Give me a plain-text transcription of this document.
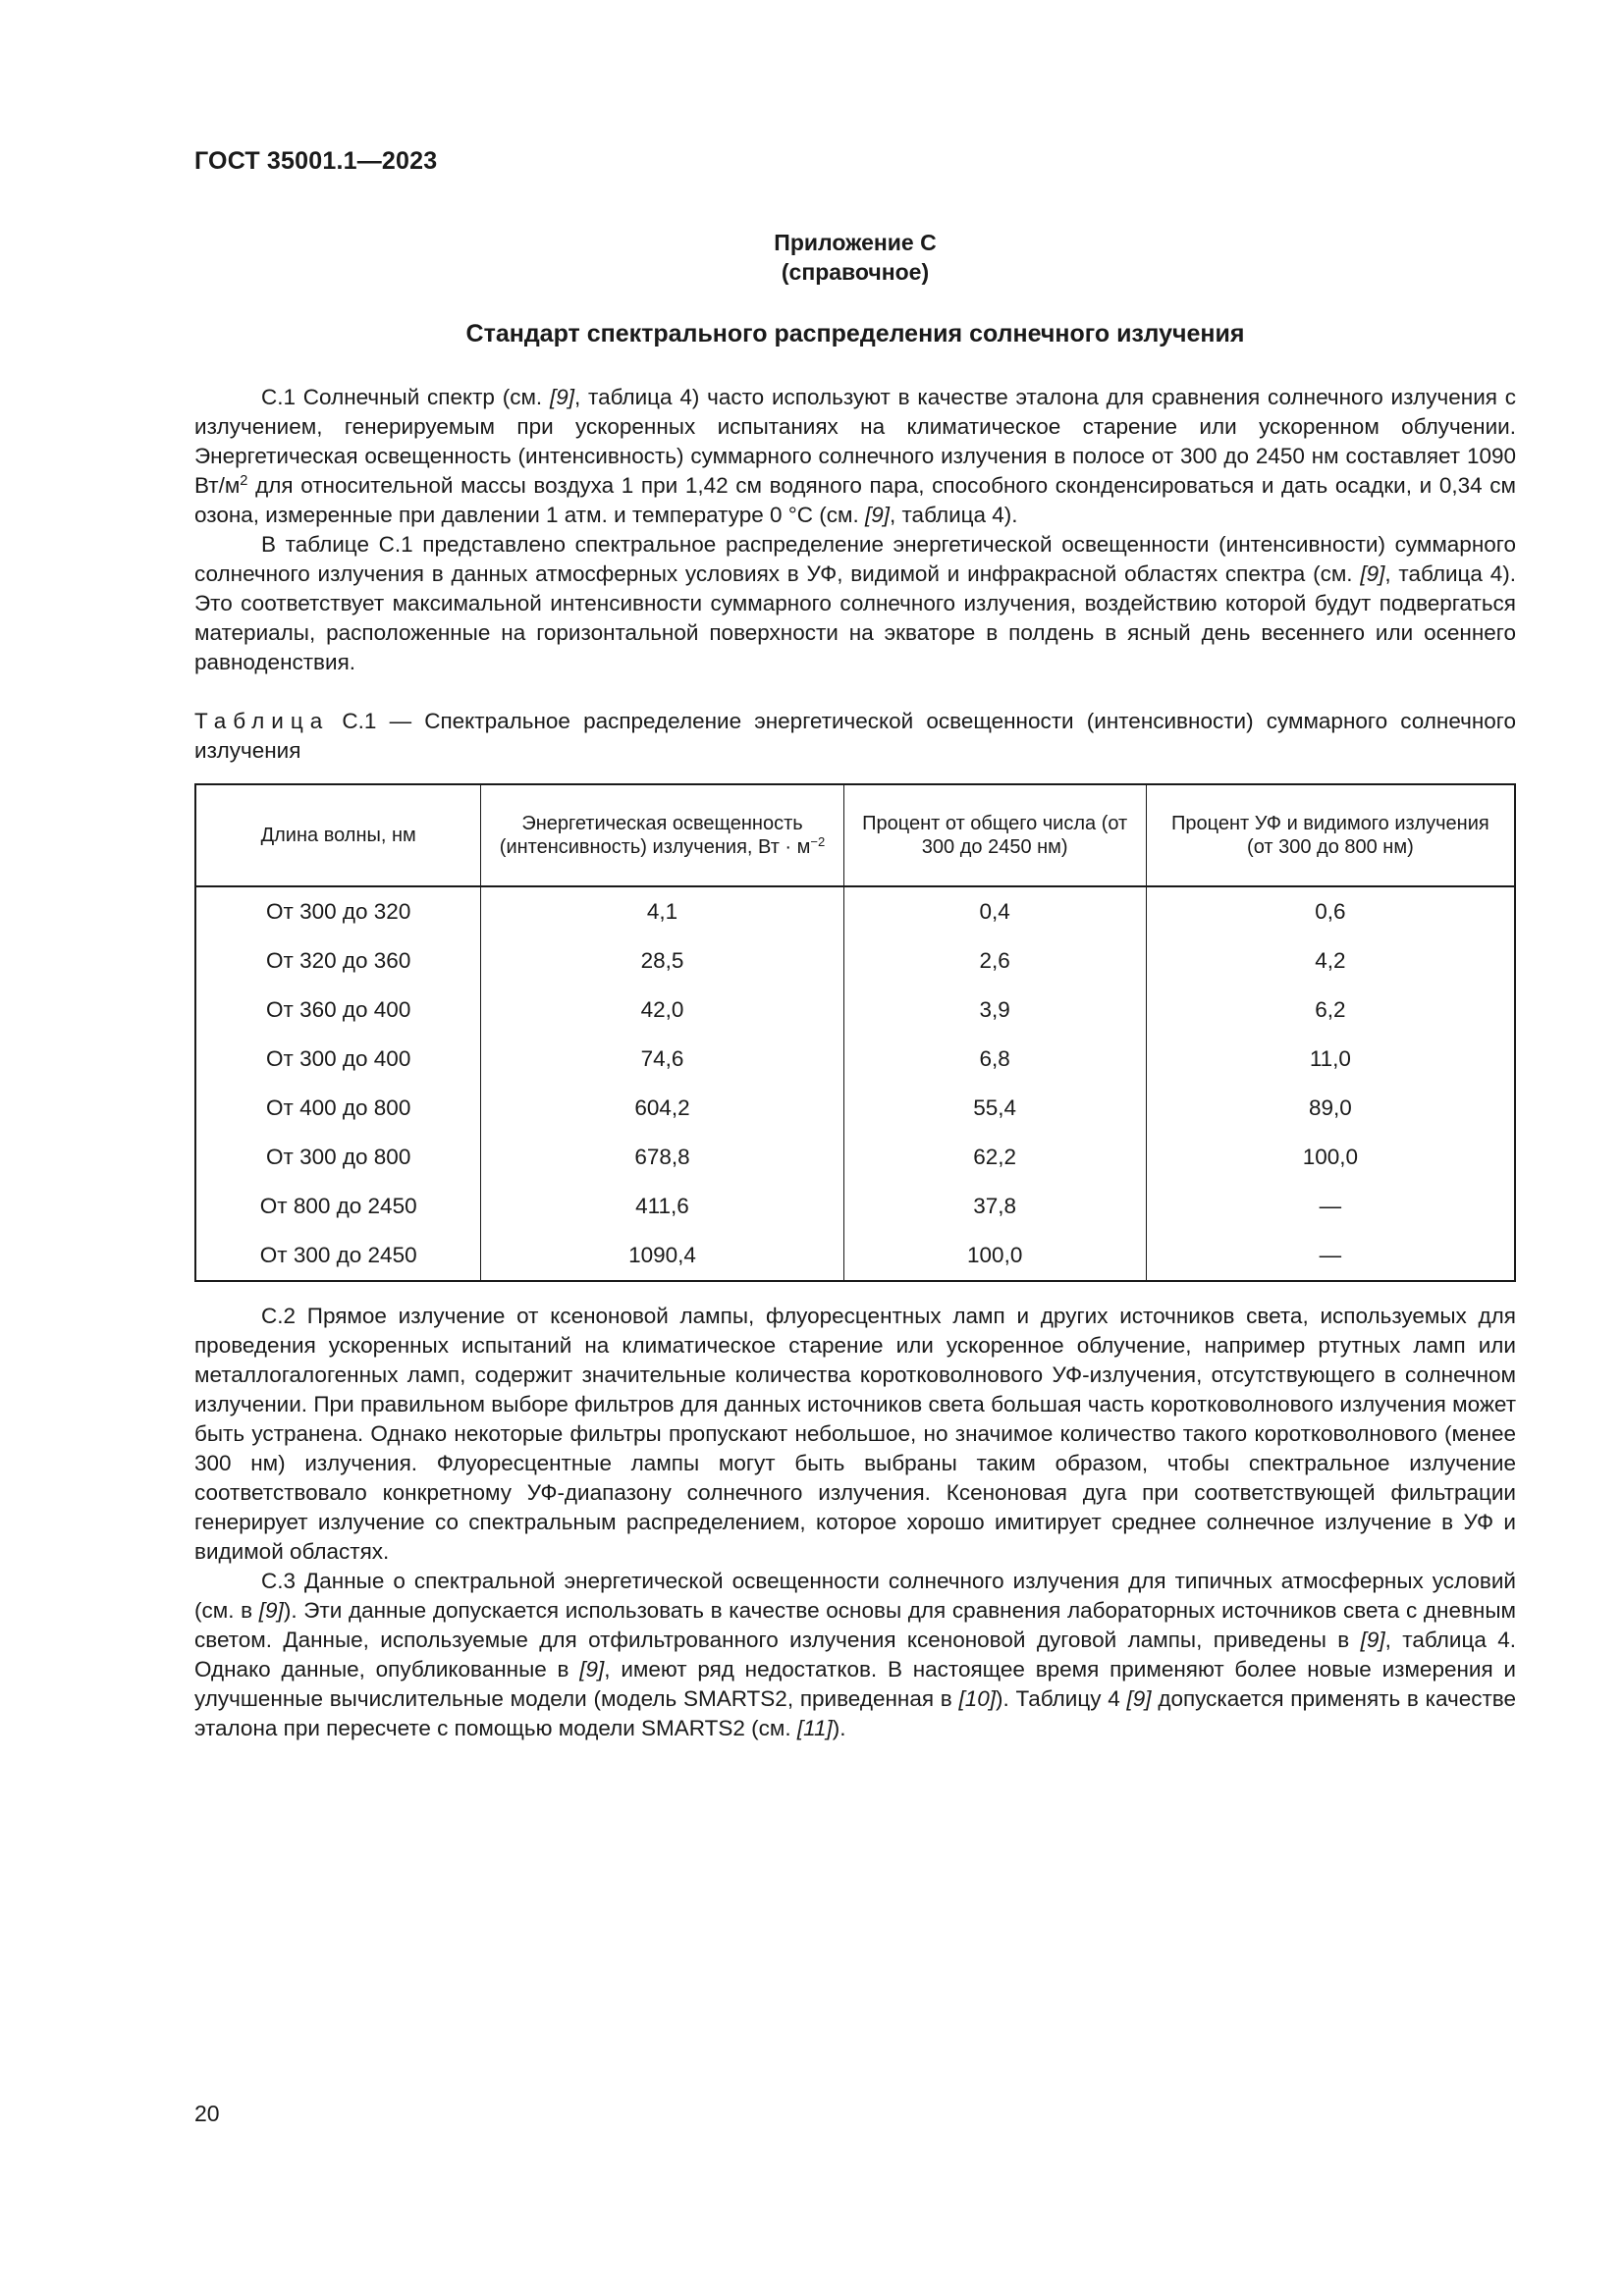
ГОСТ 35001.1—2023
Приложение С
(справочное)
Стандарт спектрального распределения солнечного излучения

С.1 Солнечный спектр (см. [9], таблица 4) часто используют в качестве эталона для сравнения солнечного излучения с излучением, генерируемым при ускоренных испытаниях на климатическое старение или ускоренном облучении. Энергетическая освещенность (интенсивность) суммарного солнечного излучения в полосе от 300 до 2450 нм составляет 1090 $Вт/м^2$ для относительной массы воздуха 1 при 1,42 см водяного пара, способного сконденсироваться и дать осадки, и 0,34 см озона, измеренные при давлении 1 атм. и температуре 0 °С (см. [9], таблица 4).

В таблице С.1 представлено спектральное распределение энергетической освещенности (интенсивности) суммарного солнечного излучения в данных атмосферных условиях в УФ, видимой и инфракрасной областях спектра (см. [9], таблица 4). Это соответствует максимальной интенсивности суммарного солнечного излучения, воздействию которой будут подвергаться материалы, расположенные на горизонтальной поверхности на экваторе в полдень в ясный день весеннего или осеннего равноденствия.

Таблица С.1 — Спектральное распределение энергетической освещенности (интенсивности) суммарного солнечного излучения
Длина волны, нм	Энергетическая освещенность (интенсивность) излучения, Вт · $м^{-2}$	Процент от общего числа (от 300 до 2450 нм)	Процент УФ и видимого излучения (от 300 до 800 нм)
От 300 до 320	4,1	0,4	0,6
От 320 до 360	28,5	2,6	4,2
От 360 до 400	42,0	3,9	6,2
От 300 до 400	74,6	6,8	11,0
От 400 до 800	604,2	55,4	89,0
От 300 до 800	678,8	62,2	100,0
От 800 до 2450	411,6	37,8	—
От 300 до 2450	1090,4	100,0	—

С.2 Прямое излучение от ксеноновой лампы, флуоресцентных ламп и других источников света, используемых для проведения ускоренных испытаний на климатическое старение или ускоренное облучение, например ртутных ламп или металлогалогенных ламп, содержит значительные количества коротковолнового УФ-излучения, отсутствующего в солнечном излучении. При правильном выборе фильтров для данных источников света большая часть коротковолнового излучения может быть устранена. Однако некоторые фильтры пропускают небольшое, но значимое количество такого коротковолнового (менее 300 нм) излучения. Флуоресцентные лампы могут быть выбраны таким образом, чтобы спектральное излучение соответствовало конкретному УФ-диапазону солнечного излучения. Ксеноновая дуга при соответствующей фильтрации генерирует излучение со спектральным распределением, которое хорошо имитирует среднее солнечное излучение в УФ и видимой областях.

С.3 Данные о спектральной энергетической освещенности солнечного излучения для типичных атмосферных условий (см. в [9]). Эти данные допускается использовать в качестве основы для сравнения лабораторных источников света с дневным светом. Данные, используемые для отфильтрованного излучения ксеноновой дуговой лампы, приведены в [9], таблица 4. Однако данные, опубликованные в [9], имеют ряд недостатков. В настоящее время применяют более новые измерения и улучшенные вычислительные модели (модель SMARTS2, приведенная в [10]). Таблицу 4 [9] допускается применять в качестве эталона при пересчете с помощью модели SMARTS2 (см. [11]).

20
